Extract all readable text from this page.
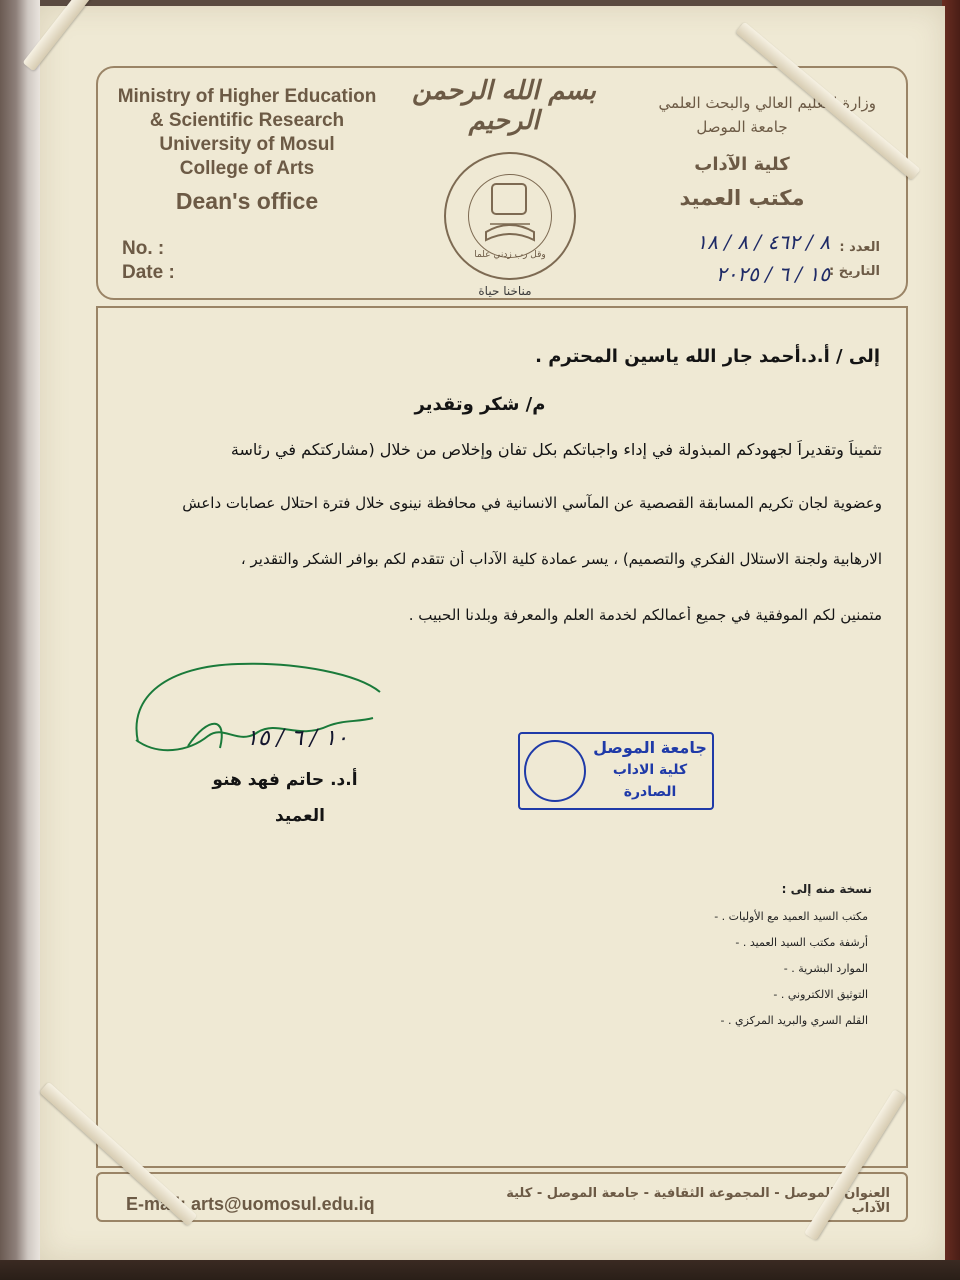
Ministry of Higher Education
& Scientific Research
University of Mosul
College of Arts
Dean's office
No. :
Date :
بسم الله الرحمن الرحيم
وقل رب زدني علما
مناخنا حياة
وزارة التعليم العالي والبحث العلمي
جامعة الموصل
كلية الآداب
مكتب العميد
العدد :
٨ / ٤٦٢ / ٨ / ١٨
التاريخ :
١٥ / ٦ / ٢٠٢٥
إلى / أ.د.أحمد جار الله ياسين المحترم .
م/ شكر وتقدير
تثميناً وتقديراً لجهودكم المبذولة في إداء واجباتكم بكل تفانٍ وإخلاص من خلال (مشاركتكم في رئاسة
وعضوية لجان تكريم المسابقة القصصية عن المآسي الانسانية في محافظة نينوى خلال فترة احتلال عصابات داعش
الارهابية ولجنة الاستلال الفكري والتصميم) ، يسر عمادة كلية الآداب أن تتقدم لكم بوافر الشكر والتقدير ،
متمنين لكم الموفقية في جميع أعمالكم لخدمة العلم والمعرفة وبلدنا الحبيب .
١٠ / ٦ / ١٥
أ.د. حاتم فهد هنو
العميد
جامعة الموصل
كلية الاداب
الصادرة
نسخة منه إلى :
مكتب السيد العميد مع الأوليات . -
أرشفة مكتب السيد العميد . -
الموارد البشرية . -
التوثيق الالكتروني . -
القلم السري والبريد المركزي . -
E-mail: arts@uomosul.edu.iq
العنوان: الموصل - المجموعة الثقافية - جامعة الموصل - كلية الآداب
